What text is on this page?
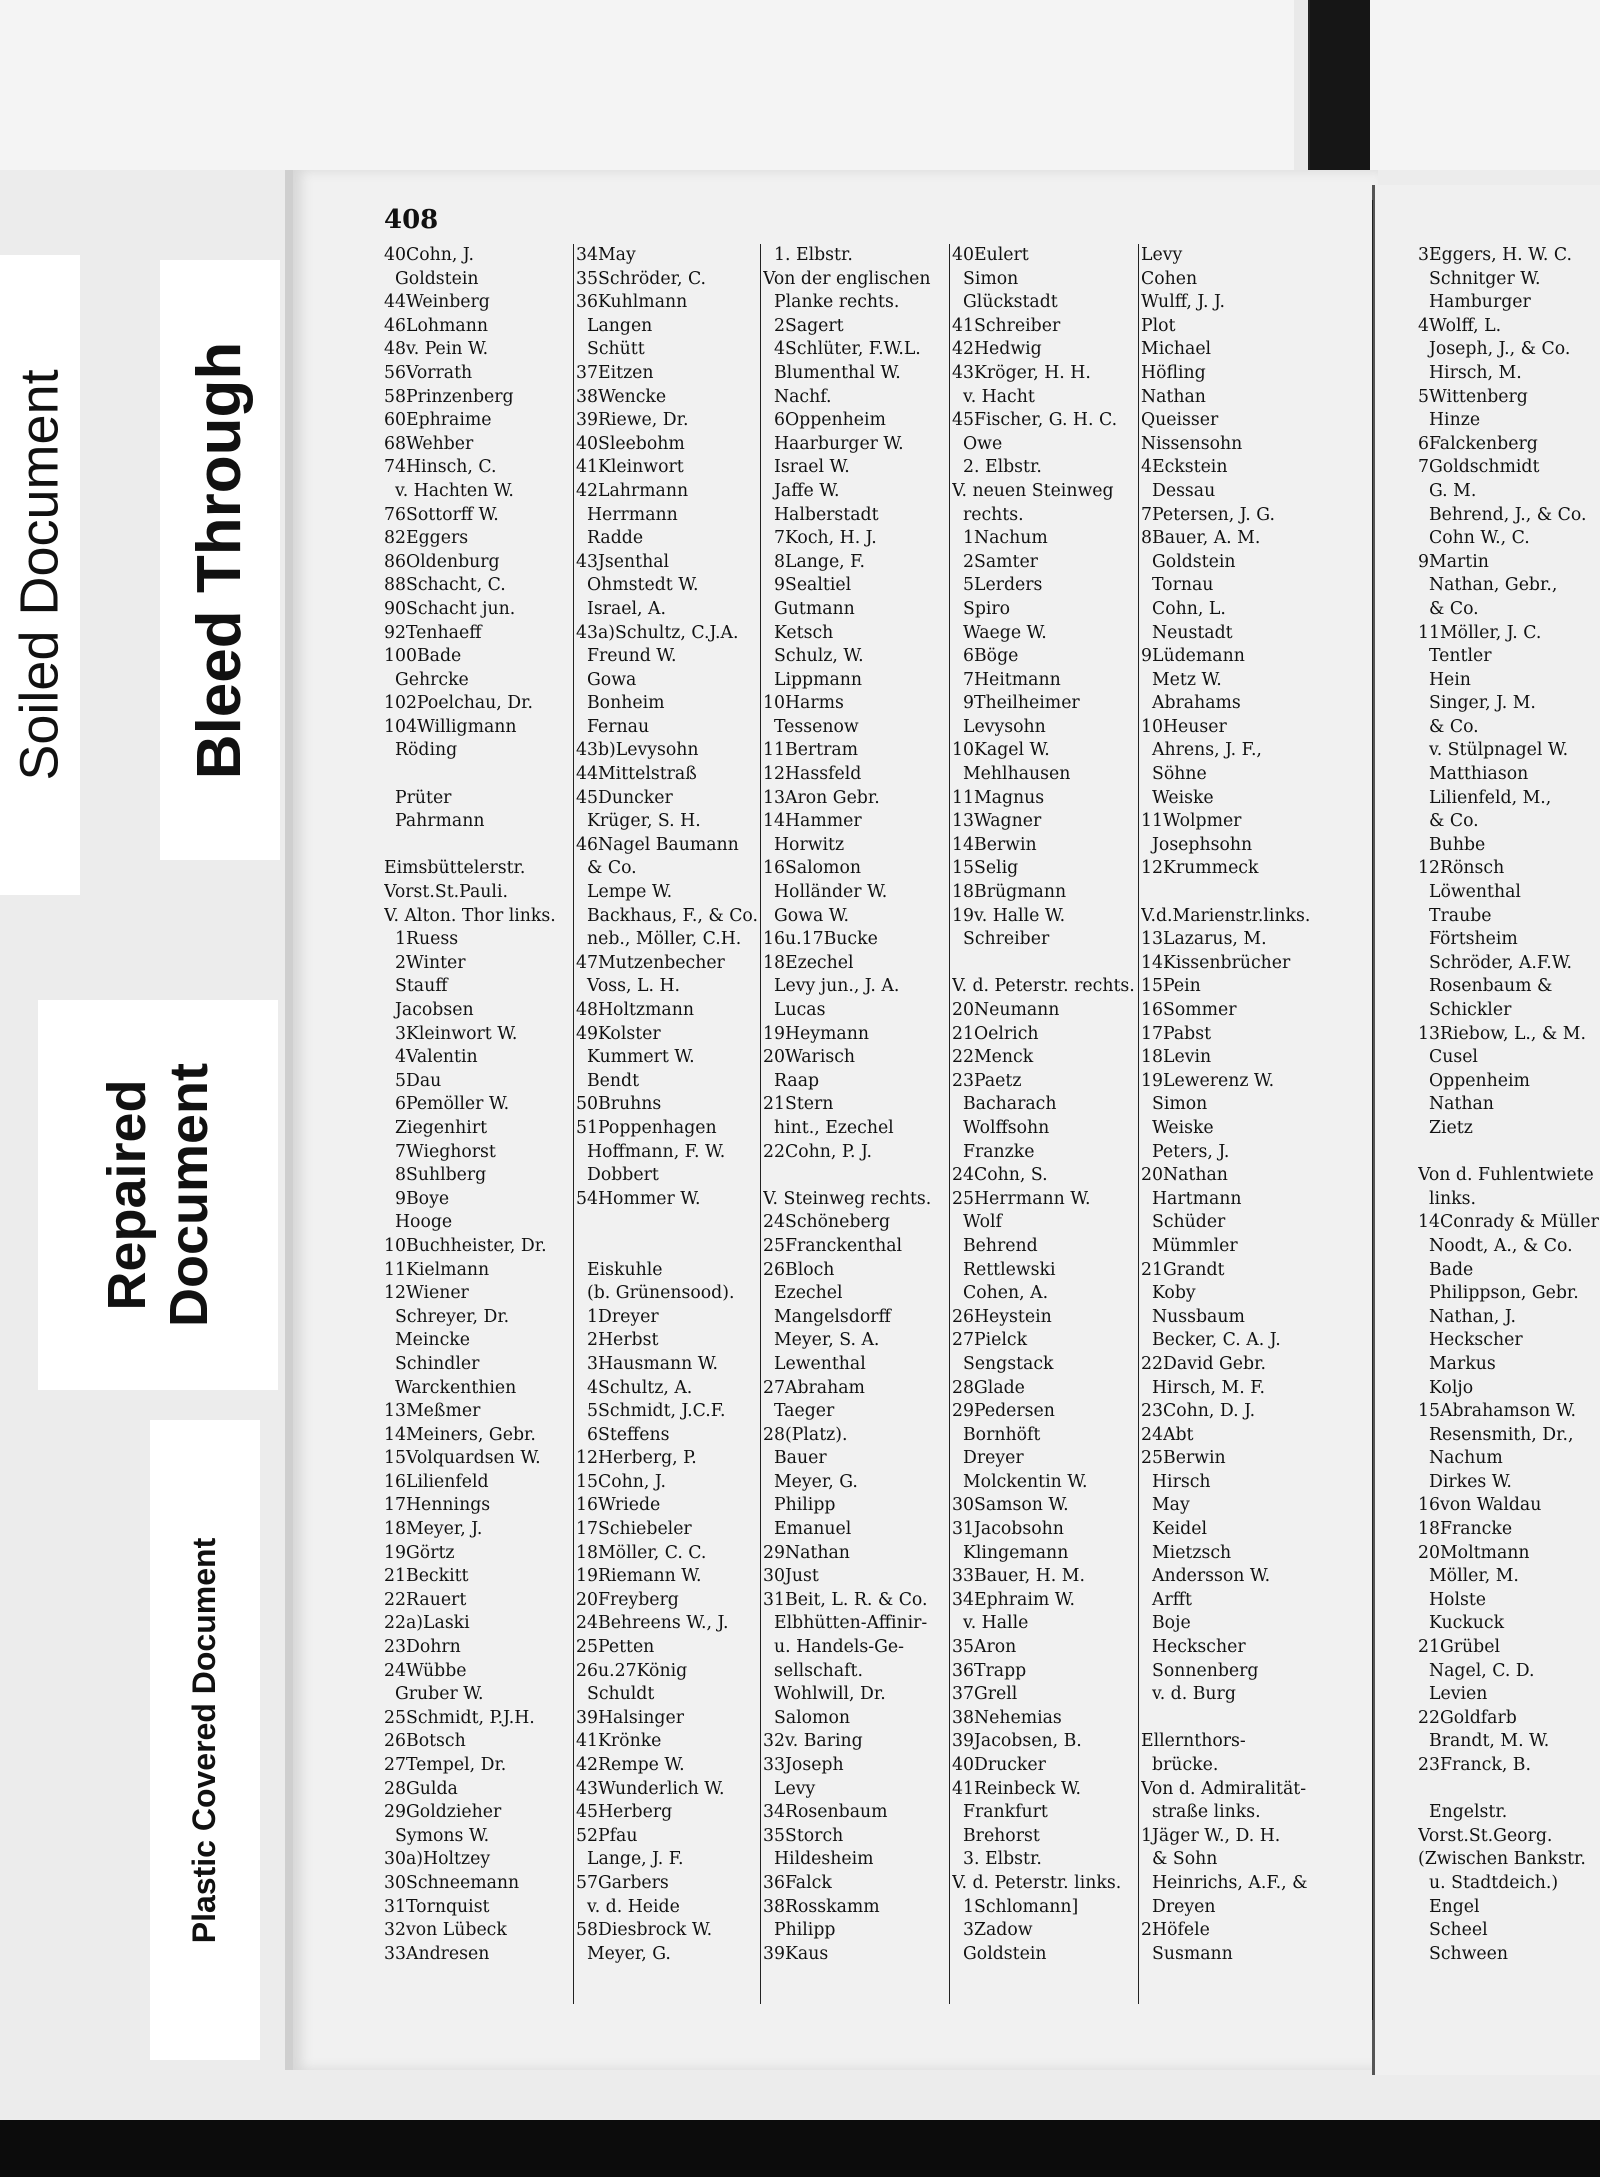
Soiled Document Bleed Through
Repaired Document
Plastic Covered Document
408
40Cohn, J.
Goldstein
44Weinberg
46Lohmann
48v. Pein W.
56Vorrath
58Prinzenberg
60Ephraime
68Wehber
74Hinsch, C.
v. Hachten W.
76Sottorff W.
82Eggers
86Oldenburg
88Schacht, C.
90Schacht jun.
92Tenhaeff
100Bade
Gehrcke
102Poelchau, Dr.
104Willigmann
Röding
Prüter
Pahrmann
Eimsbüttelerstr.
Vorst.St.Pauli.
V. Alton. Thor links.
1Ruess
2Winter
Stauff
Jacobsen
3Kleinwort W.
4Valentin
5Dau
6Pemöller W.
Ziegenhirt
7Wieghorst
8Suhlberg
9Boye
Hooge
10Buchheister, Dr.
11Kielmann
12Wiener
Schreyer, Dr.
Meincke
Schindler
Warckenthien
13Meßmer
14Meiners, Gebr.
15Volquardsen W.
16Lilienfeld
17Hennings
18Meyer, J.
19Görtz
21Beckitt
22Rauert
22a)Laski
23Dohrn
24Wübbe
Gruber W.
25Schmidt, P.J.H.
26Botsch
27Tempel, Dr.
28Gulda
29Goldzieher
Symons W.
30a)Holtzey
30Schneemann
31Tornquist
32von Lübeck
33Andresen
34May
35Schröder, C.
36Kuhlmann
Langen
Schütt
37Eitzen
38Wencke
39Riewe, Dr.
40Sleebohm
41Kleinwort
42Lahrmann
Herrmann
Radde
43Jsenthal
Ohmstedt W.
Israel, A.
43a)Schultz, C.J.A.
Freund W.
Gowa
Bonheim
Fernau
43b)Levysohn
44Mittelstraß
45Duncker
Krüger, S. H.
46Nagel Baumann
& Co.
Lempe W.
Backhaus, F., & Co.
neb., Möller, C.H.
47Mutzenbecher
Voss, L. H.
48Holtzmann
49Kolster
Kummert W.
Bendt
50Bruhns
51Poppenhagen
Hoffmann, F. W.
Dobbert
54Hommer W.
Eiskuhle
(b. Grünensood).
1Dreyer
2Herbst
3Hausmann W.
4Schultz, A.
5Schmidt, J.C.F.
6Steffens
12Herberg, P.
15Cohn, J.
16Wriede
17Schiebeler
18Möller, C. C.
19Riemann W.
20Freyberg
24Behreens W., J.
25Petten
26u.27König
Schuldt
39Halsinger
41Krönke
42Rempe W.
43Wunderlich W.
45Herberg
52Pfau
Lange, J. F.
57Garbers
v. d. Heide
58Diesbrock W.
Meyer, G.
1. Elbstr.
Von der englischen
Planke rechts.
2Sagert
4Schlüter, F.W.L.
Blumenthal W.
Nachf.
6Oppenheim
Haarburger W.
Israel W.
Jaffe W.
Halberstadt
7Koch, H. J.
8Lange, F.
9Sealtiel
Gutmann
Ketsch
Schulz, W.
Lippmann
10Harms
Tessenow
11Bertram
12Hassfeld
13Aron Gebr.
14Hammer
Horwitz
16Salomon
Holländer W.
Gowa W.
16u.17Bucke
18Ezechel
Levy jun., J. A.
Lucas
19Heymann
20Warisch
Raap
21Stern
hint., Ezechel
22Cohn, P. J.
V. Steinweg rechts.
24Schöneberg
25Franckenthal
26Bloch
Ezechel
Mangelsdorff
Meyer, S. A.
Lewenthal
27Abraham
Taeger
28(Platz).
Bauer
Meyer, G.
Philipp
Emanuel
29Nathan
30Just
31Beit, L. R. & Co.
Elbhütten-Affinir-
u. Handels-Ge-
sellschaft.
Wohlwill, Dr.
Salomon
32v. Baring
33Joseph
Levy
34Rosenbaum
35Storch
Hildesheim
36Falck
38Rosskamm
Philipp
39Kaus
40Eulert
Simon
Glückstadt
41Schreiber
42Hedwig
43Kröger, H. H.
v. Hacht
45Fischer, G. H. C.
Owe
2. Elbstr.
V. neuen Steinweg
rechts.
1Nachum
2Samter
5Lerders
Spiro
Waege W.
6Böge
7Heitmann
9Theilheimer
Levysohn
10Kagel W.
Mehlhausen
11Magnus
13Wagner
14Berwin
15Selig
18Brügmann
19v. Halle W.
Schreiber
V. d. Peterstr. rechts.
20Neumann
21Oelrich
22Menck
23Paetz
Bacharach
Wolffsohn
Franzke
24Cohn, S.
25Herrmann W.
Wolf
Behrend
Rettlewski
Cohen, A.
26Heystein
27Pielck
Sengstack
28Glade
29Pedersen
Bornhöft
Dreyer
Molckentin W.
30Samson W.
31Jacobsohn
Klingemann
33Bauer, H. M.
34Ephraim W.
v. Halle
35Aron
36Trapp
37Grell
38Nehemias
39Jacobsen, B.
40Drucker
41Reinbeck W.
Frankfurt
Brehorst
3. Elbstr.
V. d. Peterstr. links.
1Schlomann]
3Zadow
Goldstein
Levy
Cohen
Wulff, J. J.
Plot
Michael
Höfling
Nathan
Queisser
Nissensohn
4Eckstein
Dessau
7Petersen, J. G.
8Bauer, A. M.
Goldstein
Tornau
Cohn, L.
Neustadt
9Lüdemann
Metz W.
Abrahams
10Heuser
Ahrens, J. F.,
Söhne
Weiske
11Wolpmer
Josephsohn
12Krummeck
V.d.Marienstr.links.
13Lazarus, M.
14Kissenbrücher
15Pein
16Sommer
17Pabst
18Levin
19Lewerenz W.
Simon
Weiske
Peters, J.
20Nathan
Hartmann
Schüder
Mümmler
21Grandt
Koby
Nussbaum
Becker, C. A. J.
22David Gebr.
Hirsch, M. F.
23Cohn, D. J.
24Abt
25Berwin
Hirsch
May
Keidel
Mietzsch
Andersson W.
Arfft
Boje
Heckscher
Sonnenberg
v. d. Burg
Ellernthors-
brücke.
Von d. Admiralität-
straße links.
1Jäger W., D. H.
& Sohn
Heinrichs, A.F., &
Dreyen
2Höfele
Susmann
3Eggers, H. W. C.
Schnitger W.
Hamburger
4Wolff, L.
Joseph, J., & Co.
Hirsch, M.
5Wittenberg
Hinze
6Falckenberg
7Goldschmidt
G. M.
Behrend, J., & Co.
Cohn W., C.
9Martin
Nathan, Gebr.,
& Co.
11Möller, J. C.
Tentler
Hein
Singer, J. M.
& Co.
v. Stülpnagel W.
Matthiason
Lilienfeld, M.,
& Co.
Buhbe
12Rönsch
Löwenthal
Traube
Förtsheim
Schröder, A.F.W.
Rosenbaum &
Schickler
13Riebow, L., & M.
Cusel
Oppenheim
Nathan
Zietz
Von d. Fuhlentwiete
links.
14Conrady & Müller
Noodt, A., & Co.
Bade
Philippson, Gebr.
Nathan, J.
Heckscher
Markus
Koljo
15Abrahamson W.
Resensmith, Dr.,
Nachum
Dirkes W.
16von Waldau
18Francke
20Moltmann
Möller, M.
Holste
Kuckuck
21Grübel
Nagel, C. D.
Levien
22Goldfarb
Brandt, M. W.
23Franck, B.
Engelstr.
Vorst.St.Georg.
(Zwischen Bankstr.
u. Stadtdeich.)
Engel
Scheel
Schween
